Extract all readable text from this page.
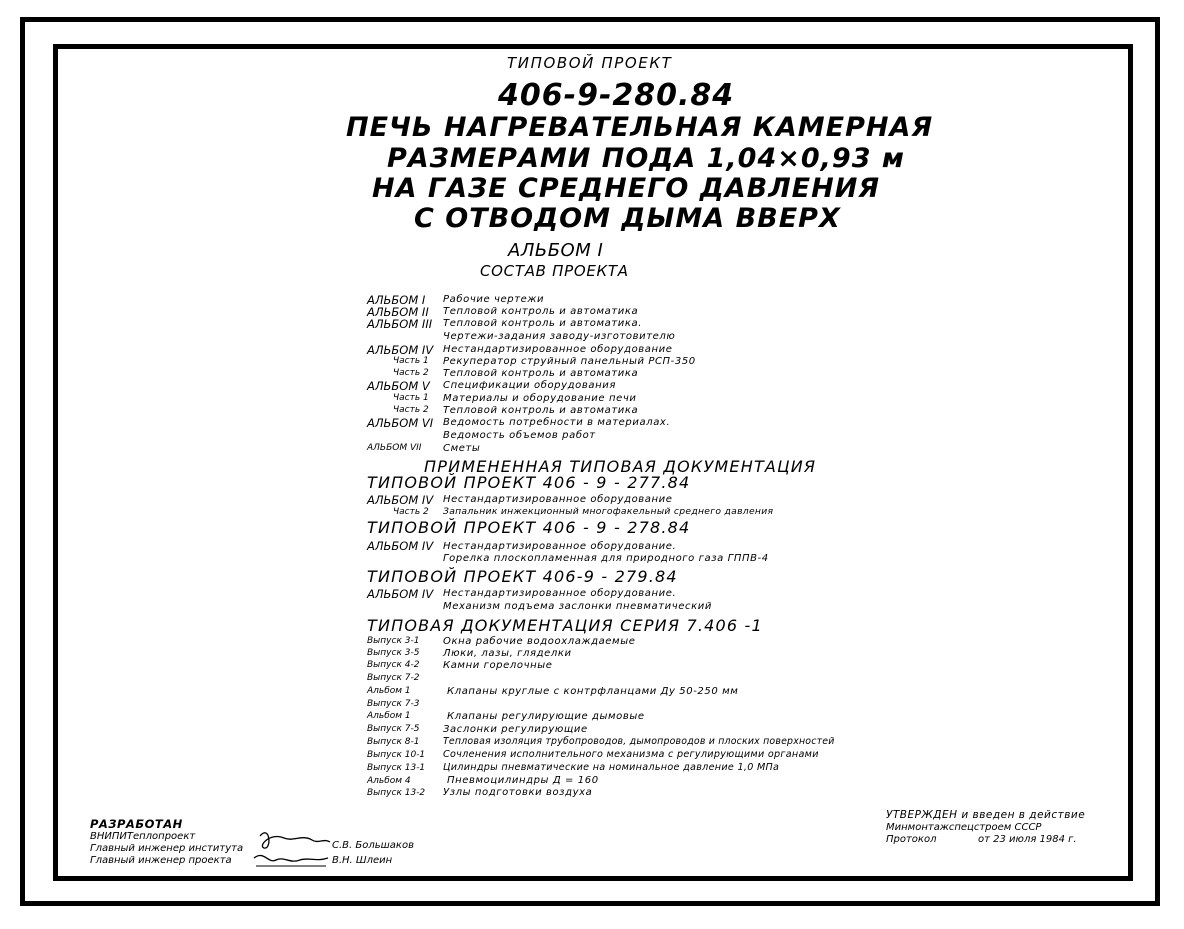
ТИПОВОЙ ПРОЕКТ
406-9-280.84
ПЕЧЬ НАГРЕВАТЕЛЬНАЯ КАМЕРНАЯ
РАЗМЕРАМИ ПОДА 1,04×0,93 м
НА ГАЗЕ СРЕДНЕГО ДАВЛЕНИЯ
С ОТВОДОМ ДЫМА ВВЕРХ
АЛЬБОМ I
СОСТАВ ПРОЕКТА
АЛЬБОМ I Рабочие чертежи
АЛЬБОМ II Тепловой контроль и автоматика
АЛЬБОМ III Тепловой контроль и автоматика.
Чертежи-задания заводу-изготовителю
АЛЬБОМ IV Нестандартизированное оборудование
Часть 1 Рекуператор струйный панельный РСП-350
Часть 2 Тепловой контроль и автоматика
АЛЬБОМ V Спецификации оборудования
Часть 1 Материалы и оборудование печи
Часть 2 Тепловой контроль и автоматика
АЛЬБОМ VI Ведомость потребности в материалах.
Ведомость объемов работ
АЛЬБОМ VII Сметы
ПРИМЕНЕННАЯ ТИПОВАЯ ДОКУМЕНТАЦИЯ
ТИПОВОЙ ПРОЕКТ 406 - 9 - 277.84
АЛЬБОМ IV Нестандартизированное оборудование
Часть 2 Запальник инжекционный многофакельный среднего давления
ТИПОВОЙ ПРОЕКТ 406 - 9 - 278.84
АЛЬБОМ IV Нестандартизированное оборудование.
Горелка плоскопламенная для природного газа ГППВ-4
ТИПОВОЙ ПРОЕКТ 406-9 - 279.84
АЛЬБОМ IV Нестандартизированное оборудование.
Механизм подъема заслонки пневматический
ТИПОВАЯ ДОКУМЕНТАЦИЯ СЕРИЯ 7.406 -1
Выпуск 3-1 Окна рабочие водоохлаждаемые
Выпуск 3-5 Люки, лазы, гляделки
Выпуск 4-2 Камни горелочные
Выпуск 7-2
Альбом 1	Клапаны круглые с контрфланцами Ду 50-250 мм
Выпуск 7-3
Альбом 1	Клапаны регулирующие дымовые
Выпуск 7-5 Заслонки регулирующие
Выпуск 8-1	Тепловая изоляция трубопроводов, дымопроводов и плоских поверхностей
Выпуск 10-1 Сочленения исполнительного механизма с регулирующими органами
Выпуск 13-1 Цилиндры пневматические на номинальное давление 1,0 МПа
Альбом 4	Пневмоцилиндры Д = 160
Выпуск 13-2 Узлы подготовки воздуха
РАЗРАБОТАН
ВНИПИТеплопроект
Главный инженер института	С.В. Большаков
Главный инженер проекта	В.Н. Шлеин
УТВЕРЖДЕН и введен в действие
Минмонтажспецстроем СССР
Протокол	от 23 июля 1984 г.
